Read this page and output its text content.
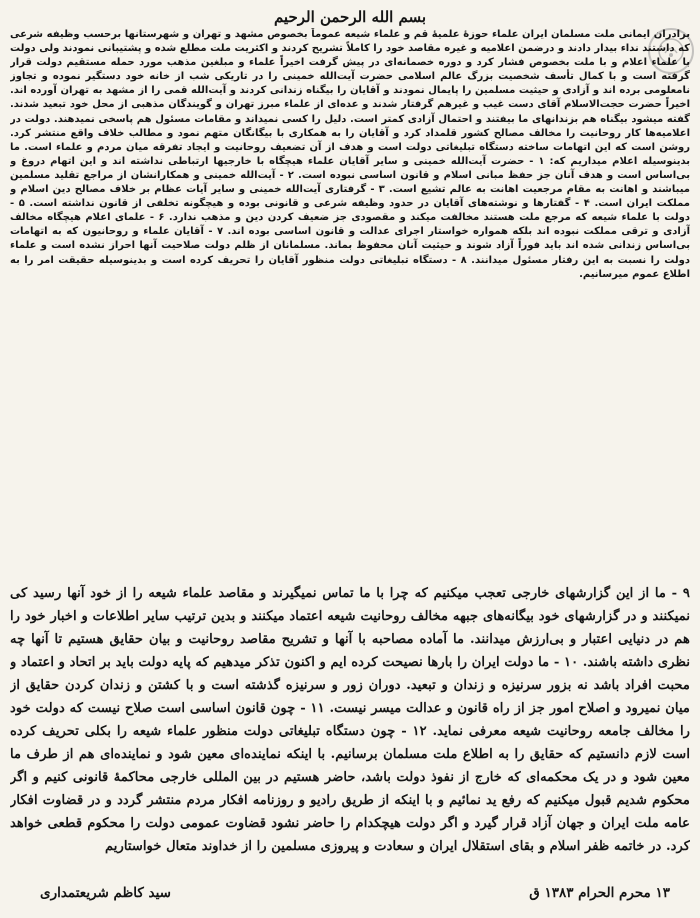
بسم الله الرحمن الرحیم
برادران ایمانی ملت مسلمان ایران علماء حوزهٔ علمیهٔ قم و علماء شیعه عموماً بخصوص مشهد و تهران و شهرستانها برحسب وظیفه شرعی که داشتند نداء بیدار دادند و درضمن اعلامیه و غیره مقاصد خود را کاملاً تشریح کردند و اکثریت ملت مطلع شده و پشتیبانی نمودند ولی دولت با علماء اعلام و با ملت بخصوص فشار کرد و دوره خصمانه‌ای در پیش گرفت اخیراً علماء و مبلغین مذهب مورد حمله مستقیم دولت قرار گرفته است و با کمال تأسف شخصیت بزرگ عالم اسلامی حضرت آیت‌الله خمینی را در تاریکی شب از خانه خود دستگیر نموده و تجاوز نامعلومی برده اند و آزادی و حیثیت مسلمین را پایمال نمودند و آقایان را بیگناه زندانی کردند و آیت‌الله قمی را از مشهد به تهران آورده اند. اخیراً حضرت حجت‌الاسلام آقای دست غیب و غیرهم گرفتار شدند و عده‌ای از علماء مبرز تهران و گویندگان مذهبی از محل خود تبعید شدند. گفته میشود بیگناه هم بزندانهای ما بیفتند و احتمال آزادی کمتر است. دلیل را کسی نمیداند و مقامات مسئول هم پاسخی نمیدهند. دولت در اعلامیه‌ها کار روحانیت را مخالف مصالح کشور قلمداد کرد و آقایان را به همکاری با بیگانگان متهم نمود و مطالب خلاف واقع منتشر کرد. روشن است که این اتهامات ساخته دستگاه تبلیغاتی دولت است و هدف از آن تضعیف روحانیت و ایجاد تفرقه میان مردم و علماء است. ما بدینوسیله اعلام میداریم که: ۱ - حضرت آیت‌الله خمینی و سایر آقایان علماء هیچگاه با خارجیها ارتباطی نداشته اند و این اتهام دروغ و بی‌اساس است و هدف آنان جز حفظ مبانی اسلام و قانون اساسی نبوده است. ۲ - آیت‌الله خمینی و همکارانشان از مراجع تقلید مسلمین میباشند و اهانت به مقام مرجعیت اهانت به عالم تشیع است. ۳ - گرفتاری آیت‌الله خمینی و سایر آیات عظام بر خلاف مصالح دین اسلام و مملکت ایران است. ۴ - گفتارها و نوشته‌های آقایان در حدود وظیفه شرعی و قانونی بوده و هیچگونه تخلفی از قانون نداشته است. ۵ - دولت با علماء شیعه که مرجع ملت هستند مخالفت میکند و مقصودی جز ضعیف کردن دین و مذهب ندارد. ۶ - علمای اعلام هیچگاه مخالف آزادی و ترقی مملکت نبوده اند بلکه همواره خواستار اجرای عدالت و قانون اساسی بوده اند. ۷ - آقایان علماء و روحانیون که به اتهامات بی‌اساس زندانی شده اند باید فوراً آزاد شوند و حیثیت آنان محفوظ بماند. مسلمانان از ظلم دولت صلاحیت آنها احراز نشده است و علماء دولت را نسبت به این رفتار مسئول میدانند. ۸ - دستگاه تبلیغاتی دولت منظور آقایان را تحریف کرده است و بدینوسیله حقیقت امر را به اطلاع عموم میرسانیم.
۹ - ما از این گزارشهای خارجی تعجب میکنیم که چرا با ما تماس نمیگیرند و مقاصد علماء شیعه را از خود آنها رسید کی نمیکنند و در گزارشهای خود بیگانه‌های جبهه مخالف روحانیت شیعه اعتماد میکنند و بدین ترتیب سایر اطلاعات و اخبار خود را هم در دنیایی اعتبار و بی‌ارزش میدانند. ما آماده مصاحبه با آنها و تشریح مقاصد روحانیت و بیان حقایق هستیم تا آنها چه نظری داشته باشند. ۱۰ - ما دولت ایران را بارها نصیحت کرده ایم و اکنون تذکر میدهیم که پایه دولت باید بر اتحاد و اعتماد و محبت افراد باشد نه بزور سرنیزه و زندان و تبعید. دوران زور و سرنیزه گذشته است و با کشتن و زندان کردن حقایق از میان نمیرود و اصلاح امور جز از راه قانون و عدالت میسر نیست. ۱۱ - چون قانون اساسی است صلاح نیست که دولت خود را مخالف جامعه روحانیت شیعه معرفی نماید. ۱۲ - چون دستگاه تبلیغاتی دولت منظور علماء شیعه را بکلی تحریف کرده است لازم دانستیم که حقایق را به اطلاع ملت مسلمان برسانیم. با اینکه نماینده‌ای معین شود و نماینده‌ای هم از طرف ما معین شود و در یک محکمه‌ای که خارج از نفوذ دولت باشد، حاضر هستیم در بین المللی خارجی محاکمهٔ قانونی کنیم و اگر محکوم شدیم قبول میکنیم که رفع ید نمائیم و با اینکه از طریق رادیو و روزنامه افکار مردم منتشر گردد و در قضاوت افکار عامه ملت ایران و جهان آزاد قرار گیرد و اگر دولت هیچکدام را حاضر نشود قضاوت عمومی دولت را محکوم قطعی خواهد کرد. در خاتمه ظفر اسلام و بقای استقلال ایران و سعادت و پیروزی مسلمین را از خداوند متعال خواستاریم
۱۳ محرم الحرام ۱۳۸۳ ق
سید کاظم شریعتمداری
